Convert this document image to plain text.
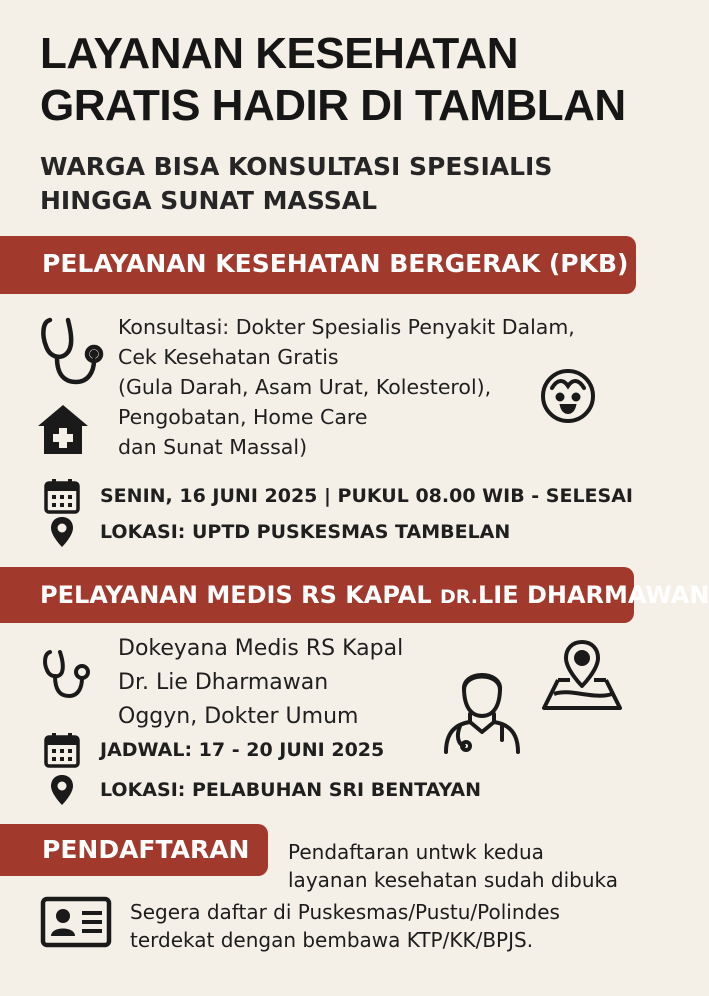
LAYANAN KESEHATAN
GRATIS HADIR DI TAMBLAN
WARGA BISA KONSULTASI SPESIALIS
HINGGA SUNAT MASSAL
PELAYANAN KESEHATAN BERGERAK (PKB)
Konsultasi: Dokter Spesialis Penyakit Dalam,
Cek Kesehatan Gratis
(Gula Darah, Asam Urat, Kolesterol),
Pengobatan, Home Care
dan Sunat Massal)
SENIN, 16 JUNI 2025 | PUKUL 08.00 WIB - SELESAI
LOKASI: UPTD PUSKESMAS TAMBELAN
PELAYANAN MEDIS RS KAPAL DR.LIE DHARMAWAN
Dokeyana Medis RS Kapal
Dr. Lie Dharmawan
Oggyn, Dokter Umum
JADWAL: 17 - 20 JUNI 2025
LOKASI: PELABUHAN SRI BENTAYAN
PENDAFTARAN	Pendaftaran untwk kedua
layanan kesehatan sudah dibuka
Segera daftar di Puskesmas/Pustu/Polindes
terdekat dengan bembawa KTP/KK/BPJS.
